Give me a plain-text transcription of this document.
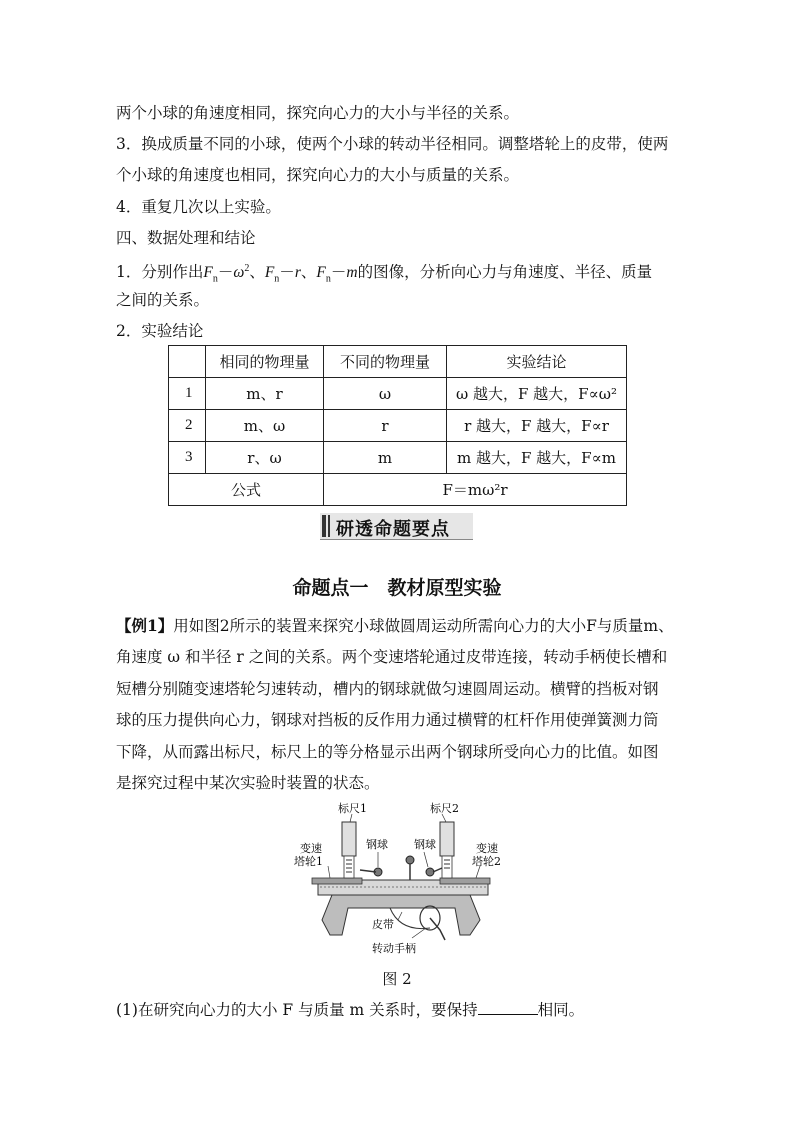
两个小球的角速度相同，探究向心力的大小与半径的关系。
3．换成质量不同的小球，使两个小球的转动半径相同。调整塔轮上的皮带，使两
个小球的角速度也相同，探究向心力的大小与质量的关系。
4．重复几次以上实验。
四、数据处理和结论
1．分别作出$F_n-\omega^2$、$F_n-r$、$F_n-m$的图像，分析向心力与角速度、半径、质量
之间的关系。
2．实验结论
	相同的物理量	不同的物理量	实验结论
1	m、r	ω	ω 越大，F 越大，F∝ω²
2	m、ω	r	r 越大，F 越大，F∝r
3	r、ω	m	m 越大，F 越大，F∝m
公式		F＝mω²r	
研透命题要点
命题点一　教材原型实验
【例1】用如图2所示的装置来探究小球做圆周运动所需向心力的大小F与质量m、
角速度 ω 和半径 r 之间的关系。两个变速塔轮通过皮带连接，转动手柄使长槽和
短槽分别随变速塔轮匀速转动，槽内的钢球就做匀速圆周运动。横臂的挡板对钢
球的压力提供向心力，钢球对挡板的反作用力通过横臂的杠杆作用使弹簧测力筒
下降，从而露出标尺，标尺上的等分格显示出两个钢球所受向心力的比值。如图
是探究过程中某次实验时装置的状态。
标尺1	标尺2
钢球 钢球
变速
塔轮1
变速
塔轮2
皮带
转动手柄
图 2
(1)在研究向心力的大小 F 与质量 m 关系时，要保持	相同。
